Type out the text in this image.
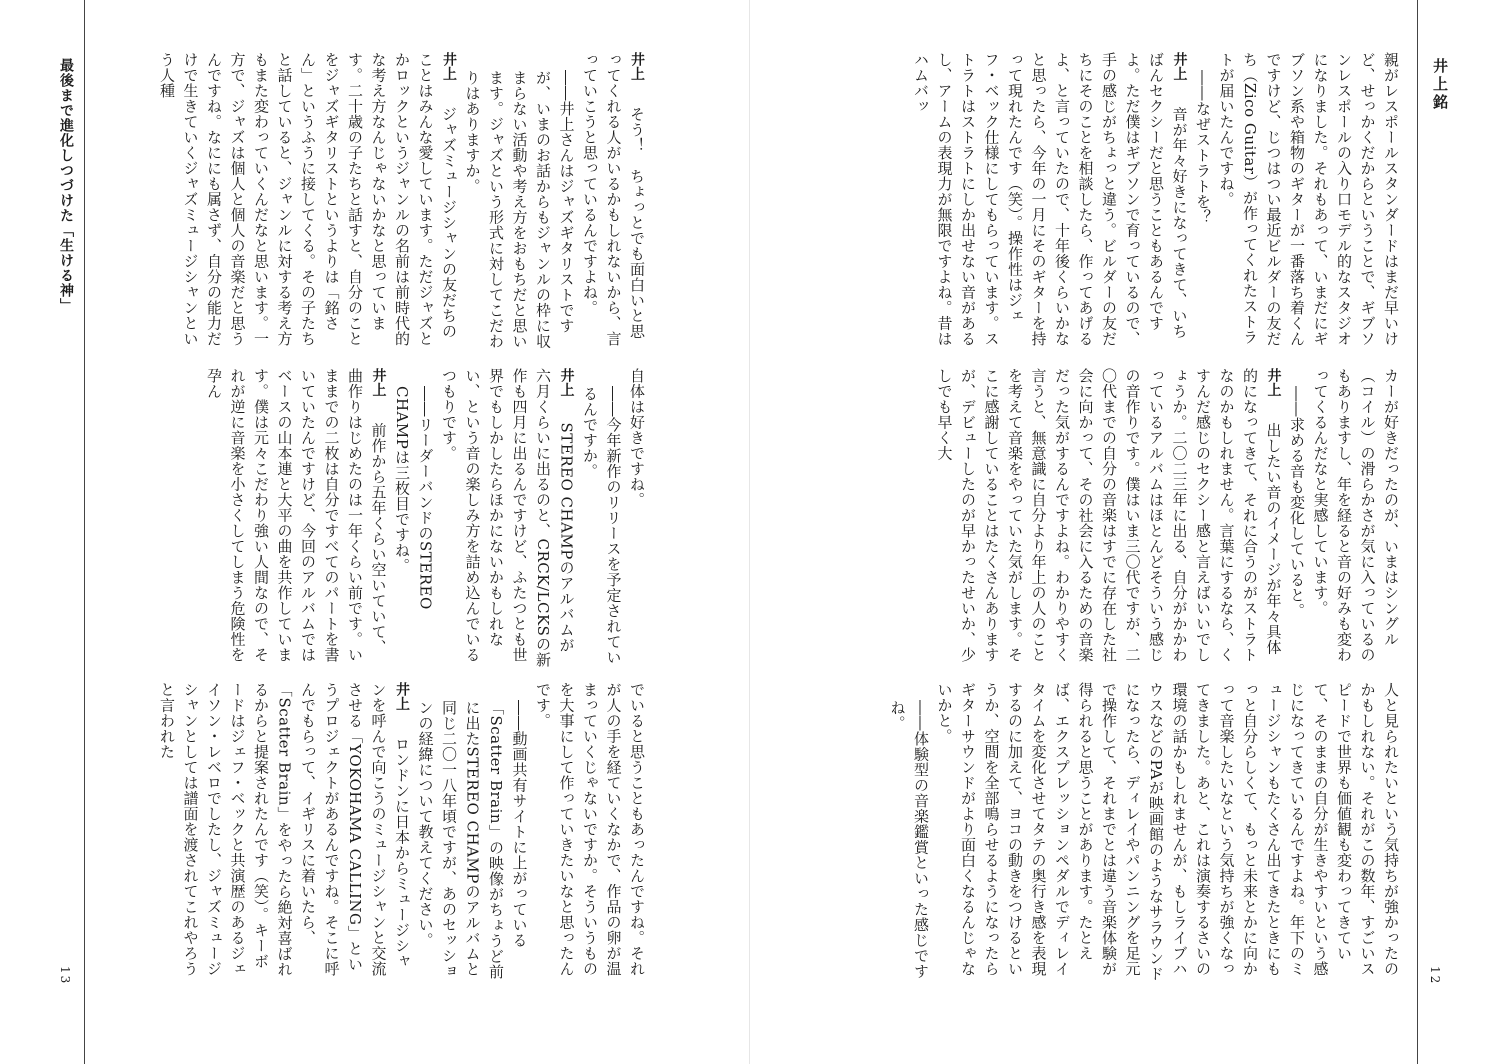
最後まで進化しつづけた「生ける神」	井上銘
13	12

井上　そう！　ちょっとでも面白いと思ってくれる人がいるかもしれないから、言っていこうと思っているんですよね。

――井上さんはジャズギタリストですが、いまのお話からもジャンルの枠に収まらない活動や考え方をおもちだと思います。ジャズという形式に対してこだわりはありますか。

井上　ジャズミュージシャンの友だちのことはみんな愛しています。ただジャズとかロックというジャンルの名前は前時代的な考え方なんじゃないかなと思っています。二十歳の子たちと話すと、自分のことをジャズギタリストというよりは「銘さん」というふうに接してくる。その子たちと話していると、ジャンルに対する考え方もまた変わっていくんだなと思います。一方で、ジャズは個人と個人の音楽だと思うんですね。なににも属さず、自分の能力だけで生きていくジャズミュージシャンという人種

自体は好きですね。

――今年新作のリリースを予定されているんですか。

井上　STEREO CHAMPのアルバムが六月くらいに出るのと、CRCK/LCKSの新作も四月に出るんですけど、ふたつとも世界でもしかしたらほかにないかもしれない、という音の楽しみ方を詰め込んでいるつもりです。

――リーダーバンドのSTEREO CHAMPは三枚目ですね。

井上　前作から五年くらい空いていて、曲作りはじめたのは一年くらい前です。いままでの二枚は自分ですべてのパートを書いていたんですけど、今回のアルバムではベースの山本連と大平の曲を共作しています。僕は元々こだわり強い人間なので、それが逆に音楽を小さくしてしまう危険性を孕ん

でいると思うこともあったんですね。それが人の手を経ていくなかで、作品の卵が温まっていくじゃないですか。そういうものを大事にして作っていきたいなと思ったんです。

――動画共有サイトに上がっている「Scatter Brain」の映像がちょうど前に出たSTEREO CHAMPのアルバムと同じ二〇一八年頃ですが、あのセッションの経緯について教えてください。

井上　ロンドンに日本からミュージシャンを呼んで向こうのミュージシャンと交流させる「YOKOHAMA CALLING」というプロジェクトがあるんですね。そこに呼んでもらって、イギリスに着いたら、「Scatter Brain」をやったら絶対喜ばれるからと提案されたんです（笑）。キーボードはジェフ・ベックと共演歴のあるジェイソン・レベロでしたし、ジャズミュージシャンとしては譜面を渡されてこれやろうと言われた

親がレスポールスタンダードはまだ早いけど、せっかくだからということで、ギブソンレスポールの入り口モデル的なスタジオになりました。それもあって、いまだにギブソン系や箱物のギターが一番落ち着くんですけど、じつはつい最近ビルダーの友だち（Zico Guitar）が作ってくれたストラトが届いたんですね。

――なぜストラトを？

井上　音が年々好きになってきて、いちばんセクシーだと思うこともあるんですよ。ただ僕はギブソンで育っているので、手の感じがちょっと違う。ビルダーの友だちにそのことを相談したら、作ってあげるよ、と言っていたので、十年後くらいかなと思ったら、今年の一月にそのギターを持って現れたんです（笑）。操作性はジェフ・ベック仕様にしてもらっています。ストラトはストラトにしか出せない音があるし、アームの表現力が無限ですよね。昔はハムバッ

カーが好きだったのが、いまはシングル（コイル）の滑らかさが気に入っているのもありますし、年を経ると音の好みも変わってくるんだなと実感しています。

――求める音も変化していると。

井上　出したい音のイメージが年々具体的になってきて、それに合うのがストラトなのかもしれません。言葉にするなら、くすんだ感じのセクシー感と言えばいいでしょうか。二〇二三年に出る、自分がかかわっているアルバムはほとんどそういう感じの音作りです。僕はいま三〇代ですが、二〇代までの自分の音楽はすでに存在した社会に向かって、その社会に入るための音楽だった気がするんですよね。わかりやすく言うと、無意識に自分より年上の人のことを考えて音楽をやっていた気がします。そこに感謝していることはたくさんありますが、デビューしたのが早かったせいか、少しでも早く大

人と見られたいという気持ちが強かったのかもしれない。それがこの数年、すごいスピードで世界も価値観も変わってきていて、そのままの自分が生きやすいという感じになってきているんですよね。年下のミュージシャンもたくさん出てきたときにもっと自分らしくて、もっと未来とかに向かって音楽したいなという気持ちが強くなってきました。あと、これは演奏するさいの環境の話かもしれませんが、もしライブハウスなどのPAが映画館のようなサラウンドになったら、ディレイやパンニングを足元で操作して、それまでとは違う音楽体験が得られると思うことがあります。たとえば、エクスプレッションペダルでディレイタイムを変化させてタテの奥行き感を表現するのに加えて、ヨコの動きをつけるというか、空間を全部鳴らせるようになったらギターサウンドがより面白くなるんじゃないかと。

――体験型の音楽鑑賞といった感じですね。
